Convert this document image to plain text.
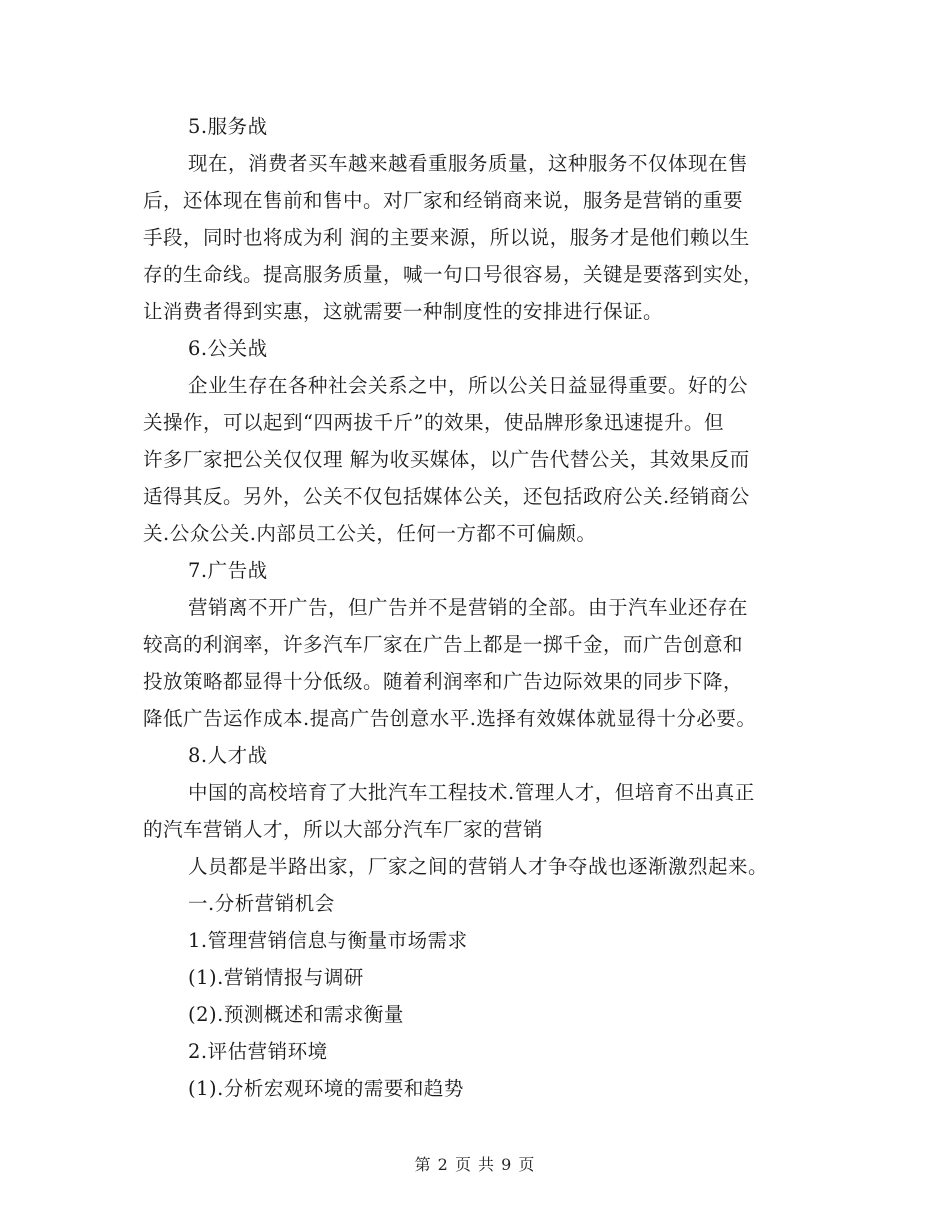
5.服务战
现在，消费者买车越来越看重服务质量，这种服务不仅体现在售
后，还体现在售前和售中。对厂家和经销商来说，服务是营销的重要
手段，同时也将成为利 润的主要来源，所以说，服务才是他们赖以生
存的生命线。提高服务质量，喊一句口号很容易，关键是要落到实处，
让消费者得到实惠，这就需要一种制度性的安排进行保证。
6.公关战
企业生存在各种社会关系之中，所以公关日益显得重要。好的公
关操作，可以起到“四两拔千斤”的效果，使品牌形象迅速提升。但
许多厂家把公关仅仅理 解为收买媒体，以广告代替公关，其效果反而
适得其反。另外，公关不仅包括媒体公关，还包括政府公关.经销商公
关.公众公关.内部员工公关，任何一方都不可偏颇。
7.广告战
营销离不开广告，但广告并不是营销的全部。由于汽车业还存在
较高的利润率，许多汽车厂家在广告上都是一掷千金，而广告创意和
投放策略都显得十分低级。随着利润率和广告边际效果的同步下降，
降低广告运作成本.提高广告创意水平.选择有效媒体就显得十分必要。
8.人才战
中国的高校培育了大批汽车工程技术.管理人才，但培育不出真正
的汽车营销人才，所以大部分汽车厂家的营销
人员都是半路出家，厂家之间的营销人才争夺战也逐渐激烈起来。
一.分析营销机会
1.管理营销信息与衡量市场需求
(1).营销情报与调研
(2).预测概述和需求衡量
2.评估营销环境
(1).分析宏观环境的需要和趋势
第 2 页 共 9 页
